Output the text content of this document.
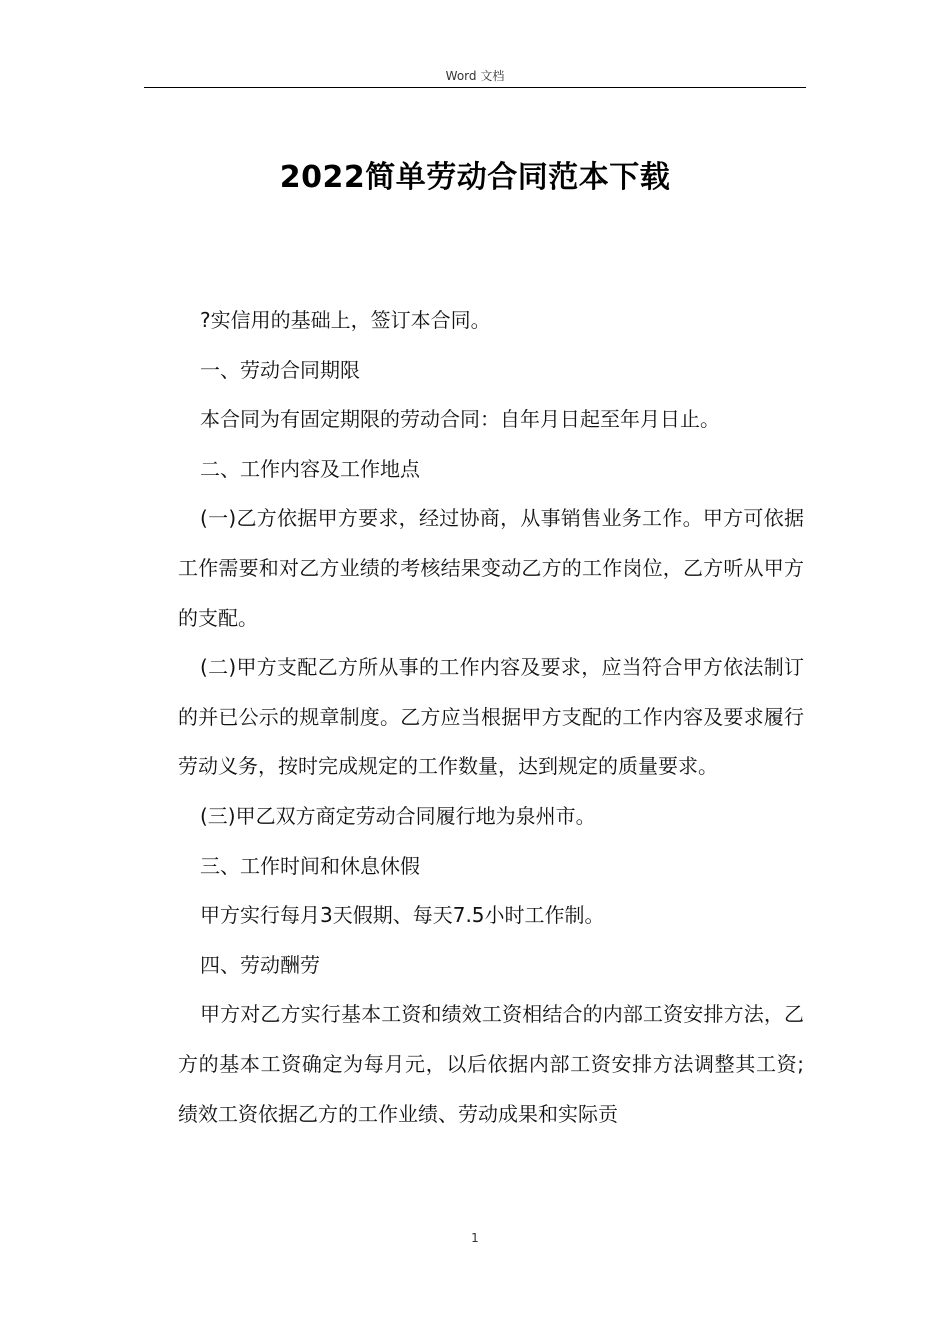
Word 文档
2022简单劳动合同范本下载

?实信用的基础上，签订本合同。

一、劳动合同期限

本合同为有固定期限的劳动合同：自年月日起至年月日止。

二、工作内容及工作地点

(一)乙方依据甲方要求，经过协商，从事销售业务工作。甲方可依据工作需要和对乙方业绩的考核结果变动乙方的工作岗位，乙方听从甲方的支配。

(二)甲方支配乙方所从事的工作内容及要求，应当符合甲方依法制订的并已公示的规章制度。乙方应当根据甲方支配的工作内容及要求履行劳动义务，按时完成规定的工作数量，达到规定的质量要求。

(三)甲乙双方商定劳动合同履行地为泉州市。

三、工作时间和休息休假

甲方实行每月3天假期、每天7.5小时工作制。

四、劳动酬劳

甲方对乙方实行基本工资和绩效工资相结合的内部工资安排方法，乙方的基本工资确定为每月元，以后依据内部工资安排方法调整其工资;绩效工资依据乙方的工作业绩、劳动成果和实际贡

1
